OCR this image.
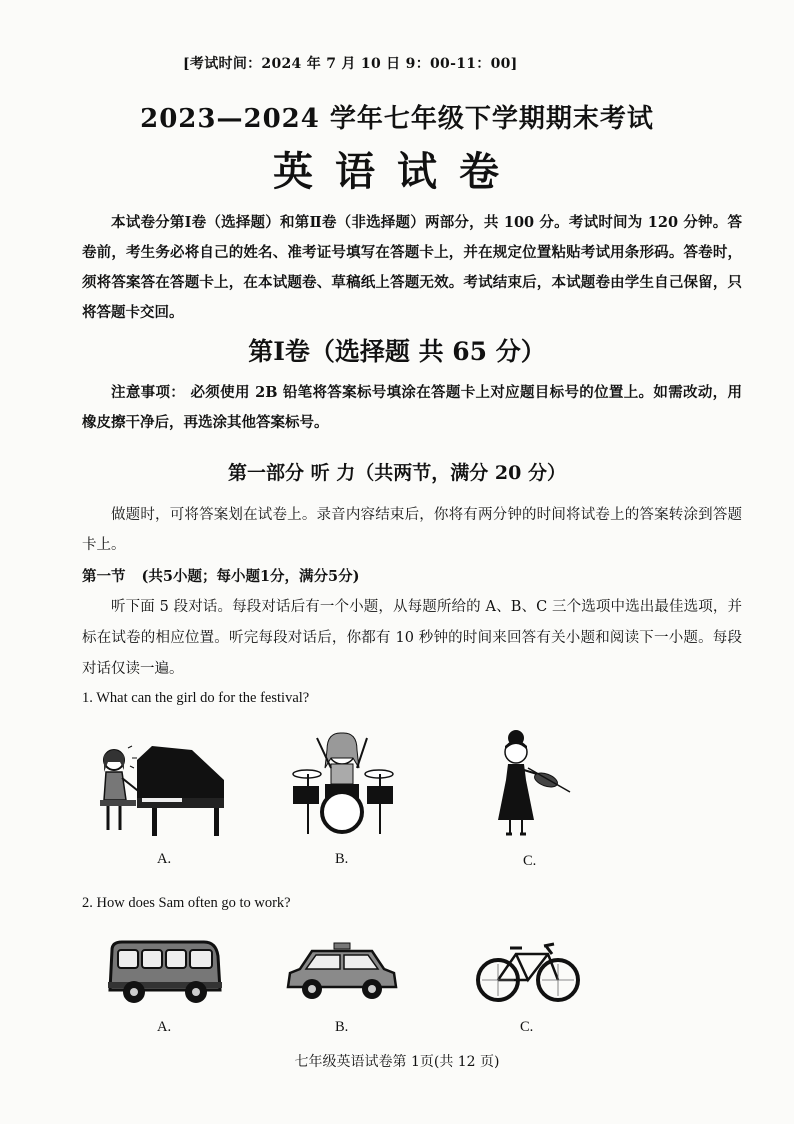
[考试时间：2024 年 7 月 10 日 9：00-11：00]
2023—2024 学年七年级下学期期末考试
英语试卷
本试卷分第Ⅰ卷（选择题）和第Ⅱ卷（非选择题）两部分，共 100 分。考试时间为 120 分钟。答卷前，考生务必将自己的姓名、准考证号填写在答题卡上，并在规定位置粘贴考试用条形码。答卷时，须将答案答在答题卡上，在本试题卷、草稿纸上答题无效。考试结束后，本试题卷由学生自己保留，只将答题卡交回。
第Ⅰ卷（选择题 共 65 分）
注意事项： 必须使用 2B 铅笔将答案标号填涂在答题卡上对应题目标号的位置上。如需改动，用橡皮擦干净后，再选涂其他答案标号。
第一部分 听 力（共两节，满分 20 分）
做题时，可将答案划在试卷上。录音内容结束后，你将有两分钟的时间将试卷上的答案转涂到答题卡上。
第一节 (共5小题；每小题1分，满分5分)
听下面 5 段对话。每段对话后有一个小题，从每题所给的 A、B、C 三个选项中选出最佳选项，并标在试卷的相应位置。听完每段对话后，你都有 10 秒钟的时间来回答有关小题和阅读下一小题。每段对话仅读一遍。
1. What can the girl do for the festival?
A.	B.	C.
2. How does Sam often go to work?
A.	B.	C.
七年级英语试卷第 1页(共 12 页)
